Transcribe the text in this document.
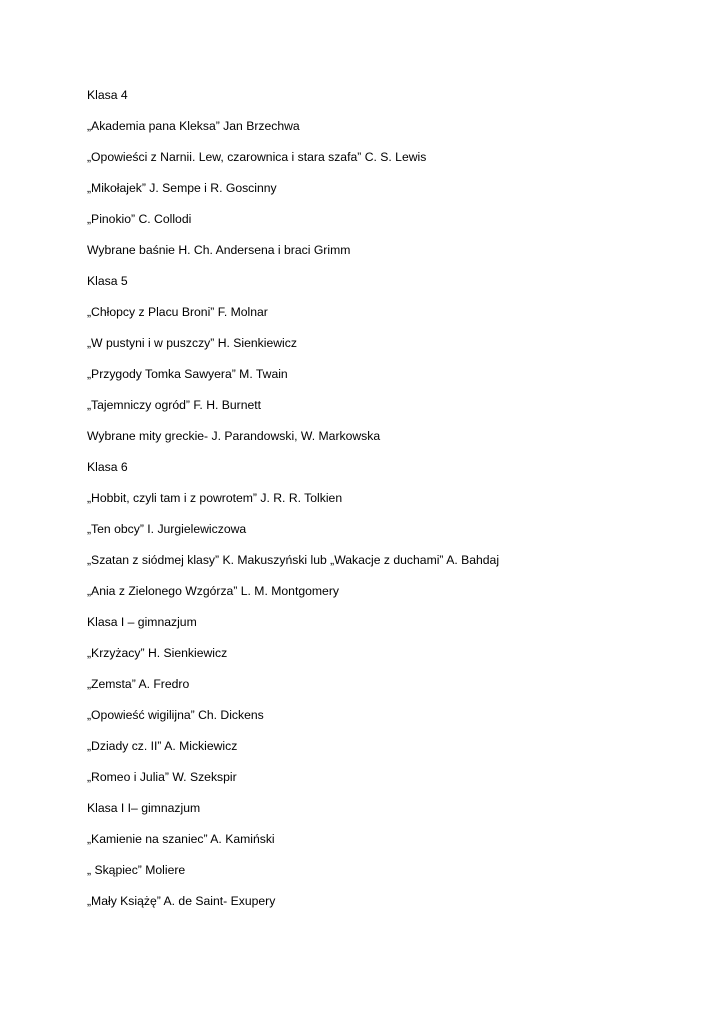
Klasa 4
„Akademia pana Kleksa” Jan Brzechwa
„Opowieści z Narnii. Lew, czarownica i stara szafa” C. S. Lewis
„Mikołajek” J. Sempe i R. Goscinny
„Pinokio” C. Collodi
Wybrane baśnie H. Ch. Andersena i braci Grimm
Klasa 5
„Chłopcy z Placu Broni” F. Molnar
„W pustyni i w puszczy” H. Sienkiewicz
„Przygody Tomka Sawyera” M. Twain
„Tajemniczy ogród” F. H. Burnett
Wybrane mity greckie- J. Parandowski, W. Markowska
Klasa 6
„Hobbit, czyli tam i z powrotem” J. R. R. Tolkien
„Ten obcy” I. Jurgielewiczowa
„Szatan z siódmej klasy” K. Makuszyński lub „Wakacje z duchami” A. Bahdaj
„Ania z Zielonego Wzgórza” L. M. Montgomery
Klasa I – gimnazjum
„Krzyżacy” H. Sienkiewicz
„Zemsta” A. Fredro
„Opowieść wigilijna” Ch. Dickens
„Dziady cz. II” A. Mickiewicz
„Romeo i Julia” W. Szekspir
Klasa I I– gimnazjum
„Kamienie na szaniec” A. Kamiński
„ Skąpiec” Moliere
„Mały Książę” A. de Saint- Exupery
